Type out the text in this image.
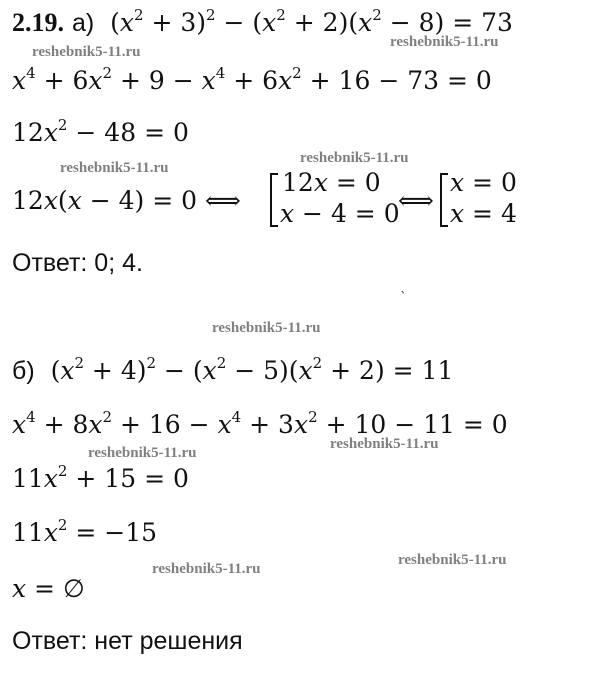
reshebnik5-11.ru
reshebnik5-11.ru
reshebnik5-11.ru
reshebnik5-11.ru
reshebnik5-11.ru
reshebnik5-11.ru
reshebnik5-11.ru
reshebnik5-11.ru
reshebnik5-11.ru
2.19. а) $(x^2 + 3)^2 - (x^2 + 2)(x^2 - 8) = 73$
$x^4 + 6x^2 + 9 - x^4 + 6x^2 + 16 - 73 = 0$
$12x^2 - 48 = 0$
12x(x − 4) = 0 ⟺
12x = 0
x − 4 = 0
⟺
x = 0
x = 4
Ответ: 0; 4.
ˋ
б) $(x^2 + 4)^2 - (x^2 - 5)(x^2 + 2) = 11$
$x^4 + 8x^2 + 16 - x^4 + 3x^2 + 10 - 11 = 0$
$11x^2 + 15 = 0$
$11x^2 = -15$
x = ∅
Ответ: нет решения
